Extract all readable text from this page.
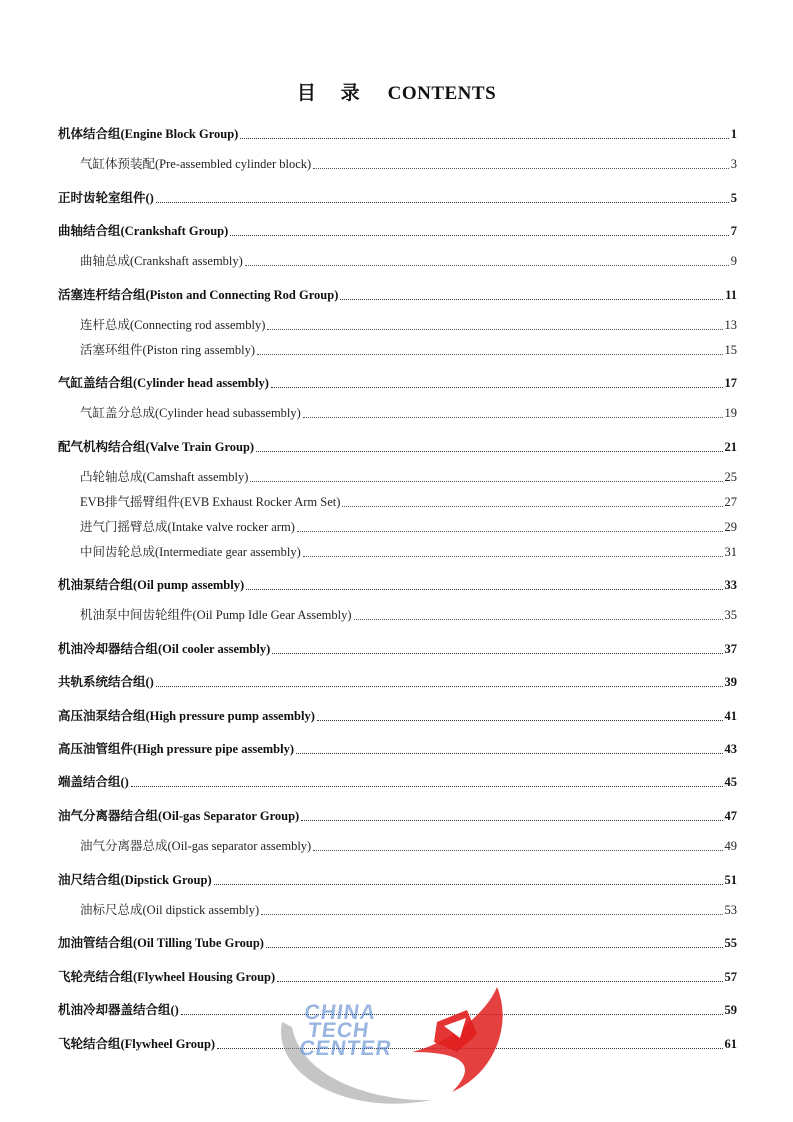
目 录 CONTENTS
机体结合组(Engine Block Group)	1
气缸体预装配(Pre-assembled cylinder block)	3
正时齿轮室组件()	5
曲轴结合组(Crankshaft Group)	7
曲轴总成(Crankshaft assembly)	9
活塞连杆结合组(Piston and Connecting Rod Group)	11
连杆总成(Connecting rod assembly)	13
活塞环组件(Piston ring assembly)	15
气缸盖结合组(Cylinder head assembly)	17
气缸盖分总成(Cylinder head subassembly)	19
配气机构结合组(Valve Train Group)	21
凸轮轴总成(Camshaft assembly)	25
EVB排气摇臂组件(EVB Exhaust Rocker Arm Set)	27
进气门摇臂总成(Intake valve rocker arm)	29
中间齿轮总成(Intermediate gear assembly)	31
机油泵结合组(Oil pump assembly)	33
机油泵中间齿轮组件(Oil Pump Idle Gear Assembly)	35
机油冷却器结合组(Oil cooler assembly)	37
共轨系统结合组()	39
高压油泵结合组(High pressure pump assembly)	41
高压油管组件(High pressure pipe assembly)	43
端盖结合组()	45
油气分离器结合组(Oil-gas Separator Group)	47
油气分离器总成(Oil-gas separator assembly)	49
油尺结合组(Dipstick Group)	51
油标尺总成(Oil dipstick assembly)	53
加油管结合组(Oil Tilling Tube Group)	55
飞轮壳结合组(Flywheel Housing Group)	57
机油冷却器盖结合组()	59
飞轮结合组(Flywheel Group)	61
CHINA
TECH
CENTER
